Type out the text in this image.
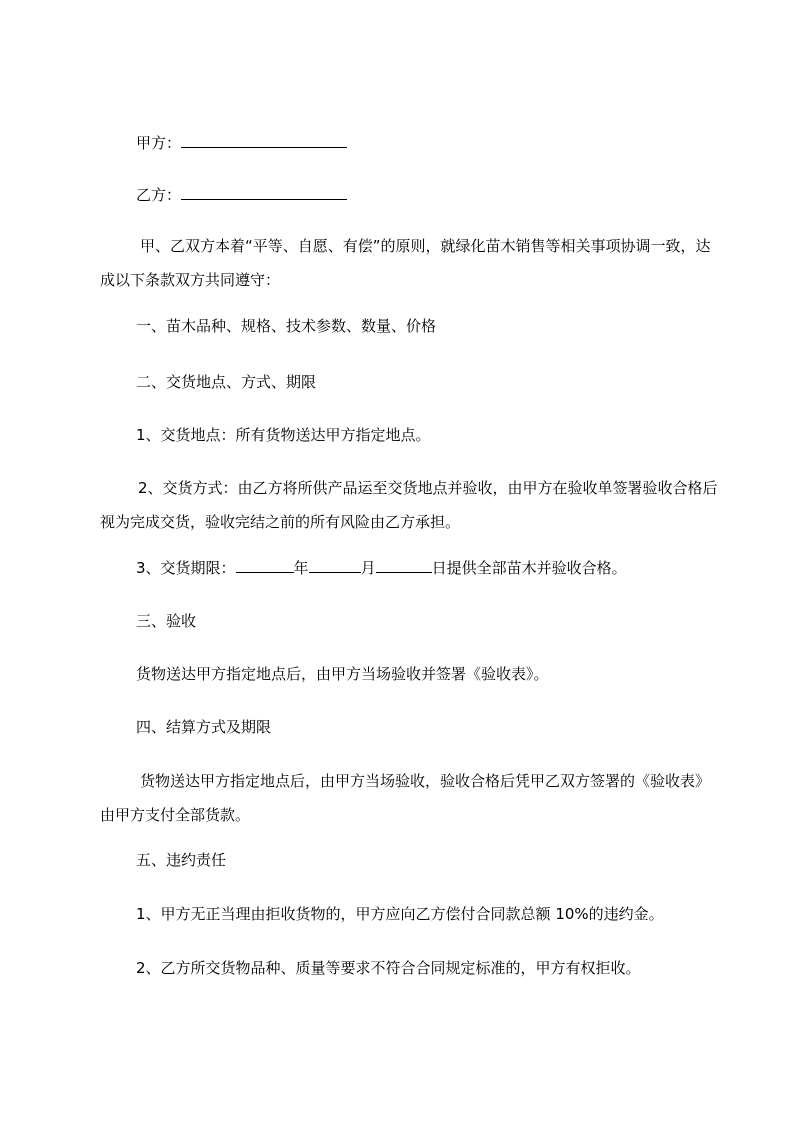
甲方：
乙方：
甲、乙双方本着“平等、自愿、有偿”的原则，就绿化苗木销售等相关事项协调一致，达成以下条款双方共同遵守：
一、苗木品种、规格、技术参数、数量、价格
二、交货地点、方式、期限
1、交货地点：所有货物送达甲方指定地点。
2、交货方式：由乙方将所供产品运至交货地点并验收，由甲方在验收单签署验收合格后视为完成交货，验收完结之前的所有风险由乙方承担。
3、交货期限：	年	月	日提供全部苗木并验收合格。
三、验收
货物送达甲方指定地点后，由甲方当场验收并签署《验收表》。
四、结算方式及期限
货物送达甲方指定地点后，由甲方当场验收，验收合格后凭甲乙双方签署的《验收表》由甲方支付全部货款。
五、违约责任
1、甲方无正当理由拒收货物的，甲方应向乙方偿付合同款总额 10%的违约金。
2、乙方所交货物品种、质量等要求不符合合同规定标准的，甲方有权拒收。
